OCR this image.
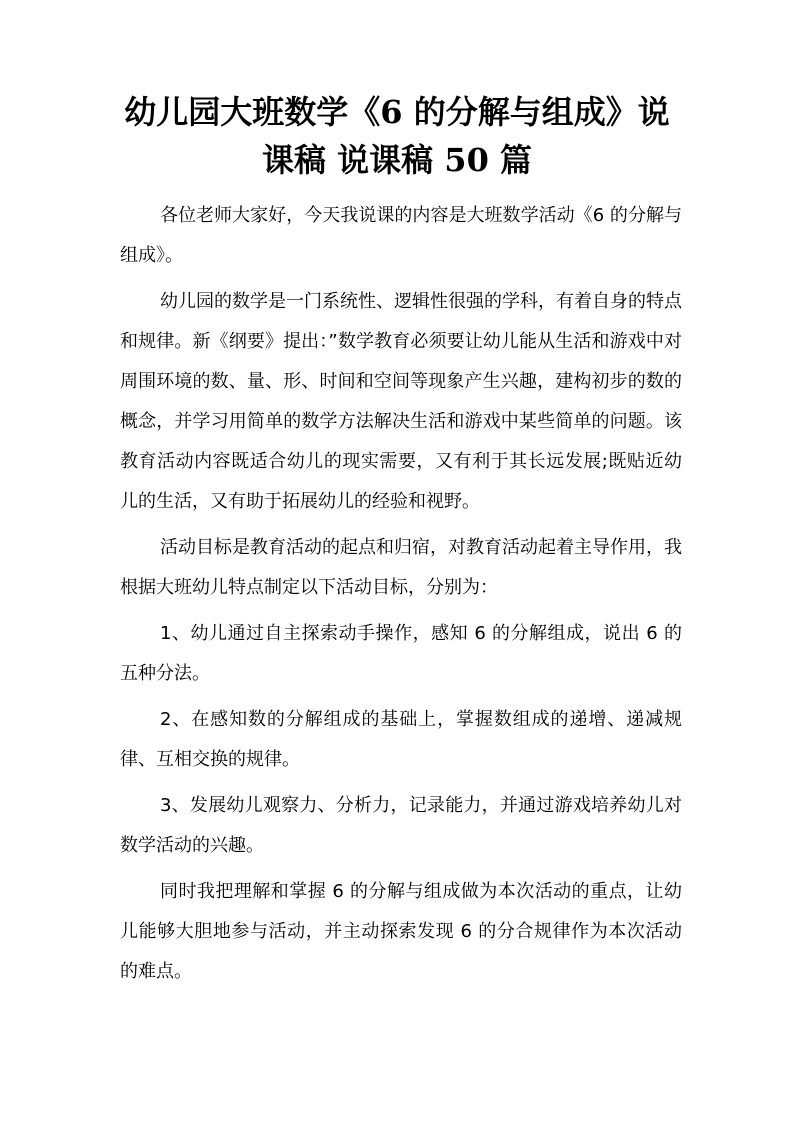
幼儿园大班数学《6 的分解与组成》说
课稿 说课稿 50 篇

各位老师大家好，今天我说课的内容是大班数学活动《6 的分解与组成》。

幼儿园的数学是一门系统性、逻辑性很强的学科，有着自身的特点和规律。新《纲要》提出：”数学教育必须要让幼儿能从生活和游戏中对周围环境的数、量、形、时间和空间等现象产生兴趣，建构初步的数的概念，并学习用简单的数学方法解决生活和游戏中某些简单的问题。该教育活动内容既适合幼儿的现实需要，又有利于其长远发展;既贴近幼儿的生活，又有助于拓展幼儿的经验和视野。

活动目标是教育活动的起点和归宿，对教育活动起着主导作用，我根据大班幼儿特点制定以下活动目标，分别为：

1、幼儿通过自主探索动手操作，感知 6 的分解组成，说出 6 的五种分法。

2、在感知数的分解组成的基础上，掌握数组成的递增、递减规律、互相交换的规律。

3、发展幼儿观察力、分析力，记录能力，并通过游戏培养幼儿对数学活动的兴趣。

同时我把理解和掌握 6 的分解与组成做为本次活动的重点，让幼儿能够大胆地参与活动，并主动探索发现 6 的分合规律作为本次活动的难点。
